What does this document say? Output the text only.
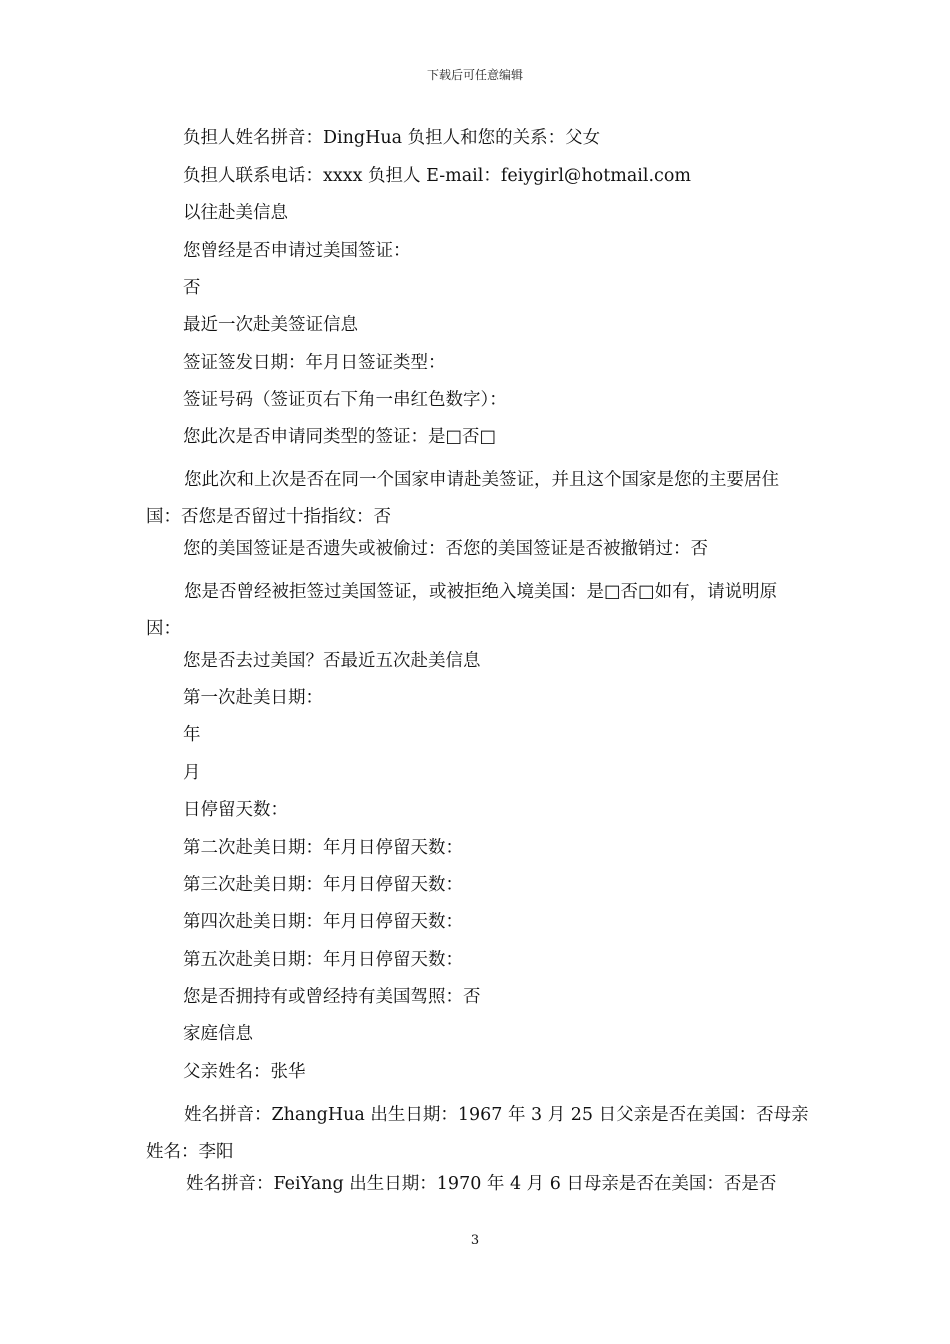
下载后可任意编辑
负担人姓名拼音：DingHua 负担人和您的关系：父女
负担人联系电话：xxxx 负担人 E-mail：feiygirl@hotmail.com
以往赴美信息
您曾经是否申请过美国签证：
否
最近一次赴美签证信息
签证签发日期：年月日签证类型：
签证号码（签证页右下角一串红色数字）：
您此次是否申请同类型的签证：是□否□
您此次和上次是否在同一个国家申请赴美签证，并且这个国家是您的主要居住国：否您是否留过十指指纹：否
您的美国签证是否遗失或被偷过：否您的美国签证是否被撤销过：否
您是否曾经被拒签过美国签证，或被拒绝入境美国：是□否□如有，请说明原因：
您是否去过美国？否最近五次赴美信息
第一次赴美日期：
年
月
日停留天数：
第二次赴美日期：年月日停留天数：
第三次赴美日期：年月日停留天数：
第四次赴美日期：年月日停留天数：
第五次赴美日期：年月日停留天数：
您是否拥持有或曾经持有美国驾照：否
家庭信息
父亲姓名：张华
姓名拼音：ZhangHua 出生日期：1967 年 3 月 25 日父亲是否在美国：否母亲姓名：李阳
姓名拼音：FeiYang 出生日期：1970 年 4 月 6 日母亲是否在美国：否是否
3
